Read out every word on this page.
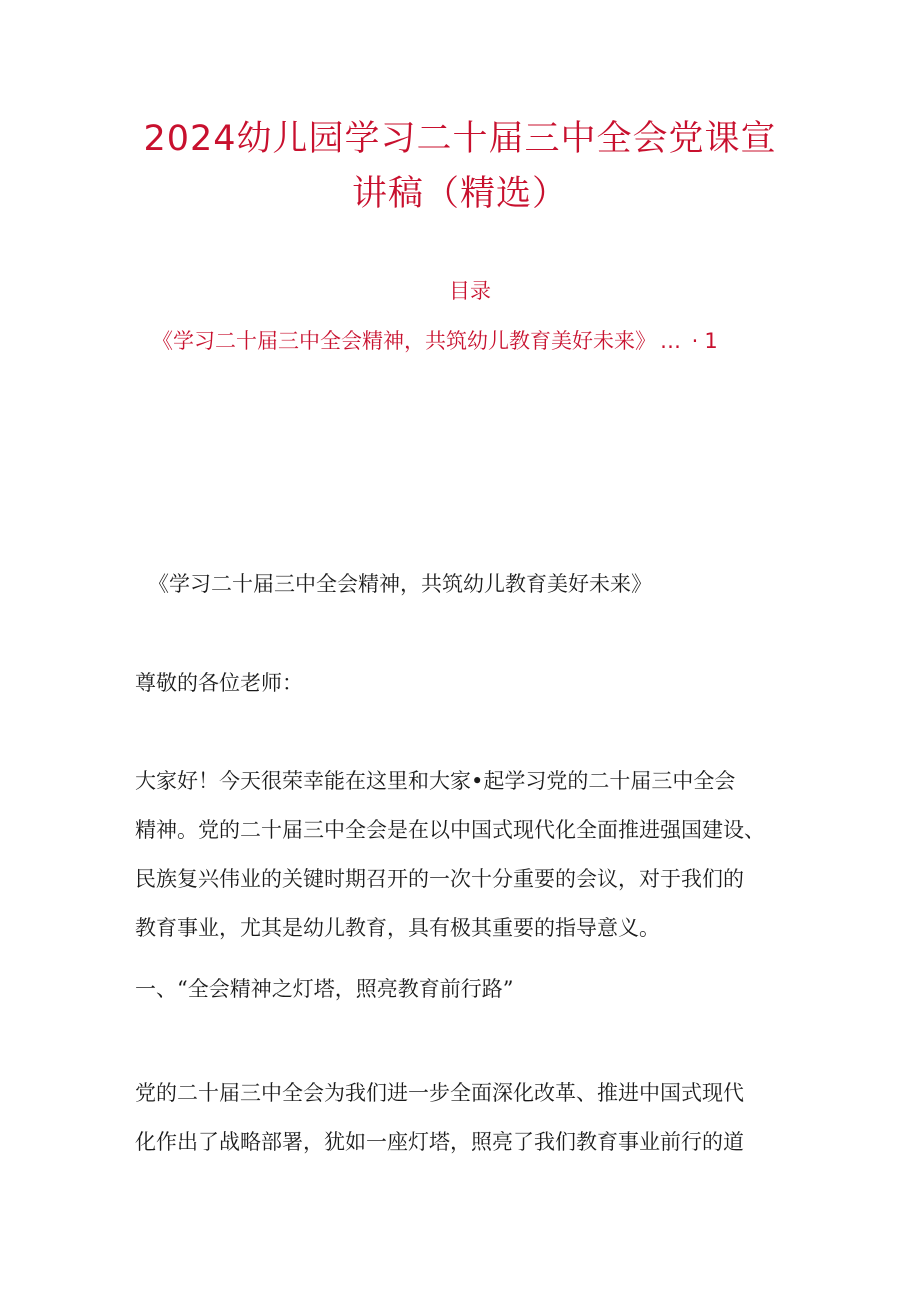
2024幼儿园学习二十届三中全会党课宣
讲稿（精选）
目录
《学习二十届三中全会精神，共筑幼儿教育美好未来》 … · 1
《学习二十届三中全会精神，共筑幼儿教育美好未来》
尊敬的各位老师：

大家好！今天很荣幸能在这里和大家•起学习党的二十届三中全会

精神。党的二十届三中全会是在以中国式现代化全面推进强国建设、

民族复兴伟业的关键时期召开的一次十分重要的会议，对于我们的

教育事业，尤其是幼儿教育，具有极其重要的指导意义。

一、“全会精神之灯塔，照亮教育前行路”

党的二十届三中全会为我们进一步全面深化改革、推进中国式现代

化作出了战略部署，犹如一座灯塔，照亮了我们教育事业前行的道
